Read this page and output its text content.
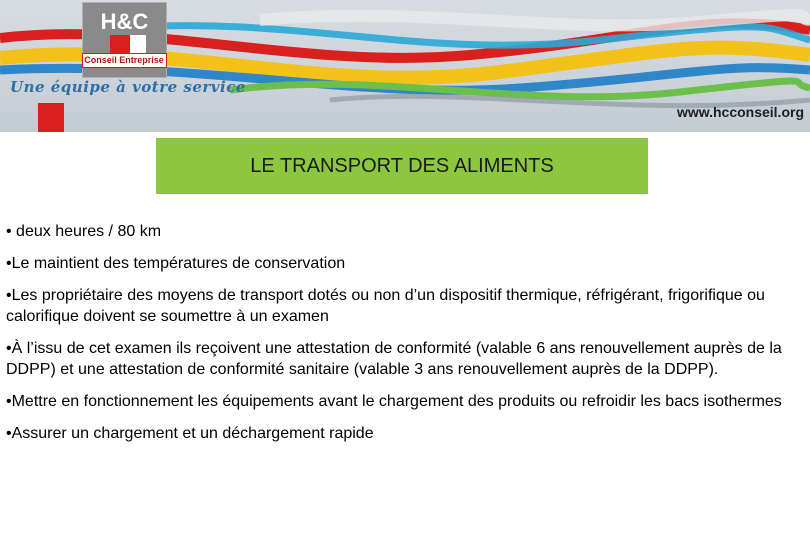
H&C
Conseil Entreprise
Une équipe à votre service
www.hcconseil.org
LE TRANSPORT DES ALIMENTS

• deux heures / 80 km

•Le maintient des températures de conservation

•Les propriétaire des moyens de transport dotés ou non d’un dispositif thermique, réfrigérant, frigorifique ou calorifique doivent se soumettre à un examen

•À l’issu de cet examen ils reçoivent une attestation de conformité (valable 6 ans renouvellement auprès de la DDPP) et une attestation de conformité sanitaire (valable 3 ans renouvellement auprès de la DDPP).

•Mettre en fonctionnement les équipements avant le chargement des produits ou refroidir les bacs isothermes

•Assurer un chargement et un déchargement rapide
